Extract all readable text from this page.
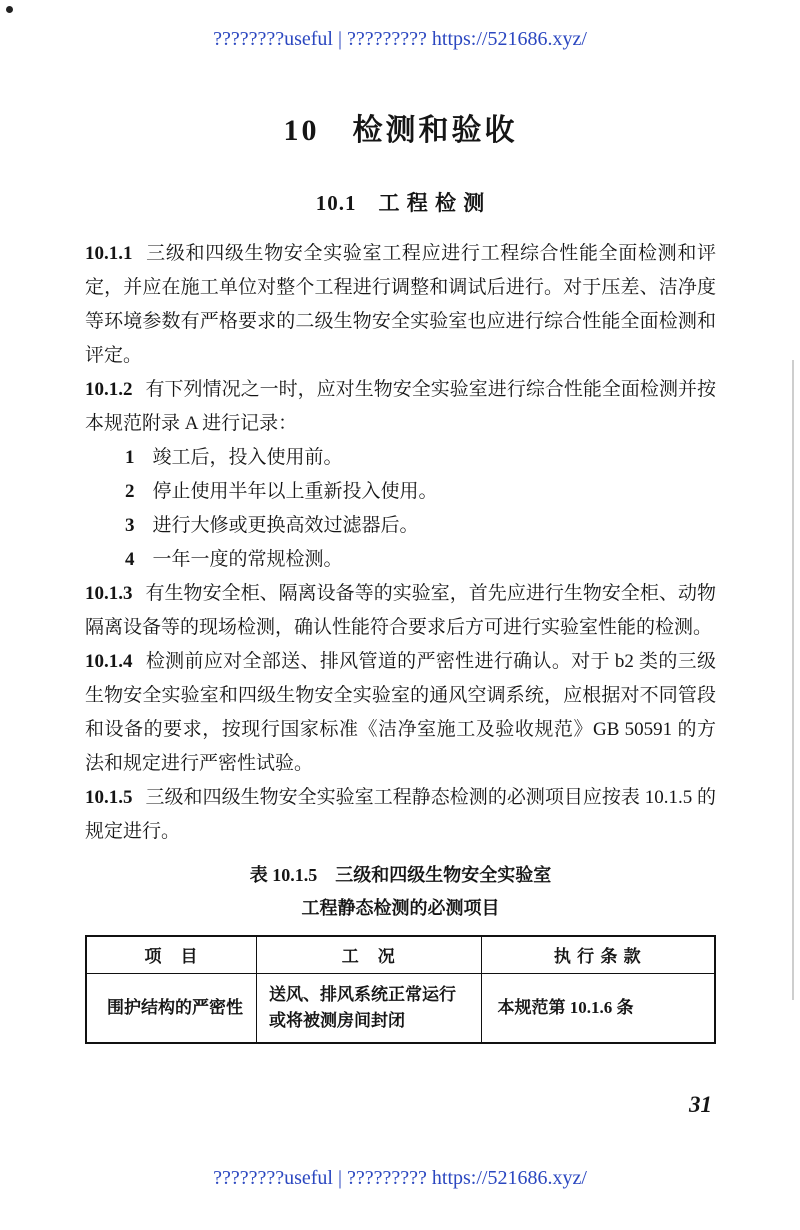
????????useful | ????????? https://521686.xyz/
10　检测和验收
10.1　工 程 检 测

10.1.1 三级和四级生物安全实验室工程应进行工程综合性能全面检测和评定，并应在施工单位对整个工程进行调整和调试后进行。对于压差、洁净度等环境参数有严格要求的二级生物安全实验室也应进行综合性能全面检测和评定。

10.1.2 有下列情况之一时，应对生物安全实验室进行综合性能全面检测并按本规范附录 A 进行记录：

1 竣工后，投入使用前。

2 停止使用半年以上重新投入使用。

3 进行大修或更换高效过滤器后。

4 一年一度的常规检测。

10.1.3 有生物安全柜、隔离设备等的实验室，首先应进行生物安全柜、动物隔离设备等的现场检测，确认性能符合要求后方可进行实验室性能的检测。

10.1.4 检测前应对全部送、排风管道的严密性进行确认。对于 b2 类的三级生物安全实验室和四级生物安全实验室的通风空调系统，应根据对不同管段和设备的要求，按现行国家标准《洁净室施工及验收规范》GB 50591 的方法和规定进行严密性试验。

10.1.5 三级和四级生物安全实验室工程静态检测的必测项目应按表 10.1.5 的规定进行。

表 10.1.5　三级和四级生物安全实验室
工程静态检测的必测项目
项　目	工　况	执 行 条 款
围护结构的严密性	送风、排风系统正常运行或将被测房间封闭	本规范第 10.1.6 条
31
????????useful | ????????? https://521686.xyz/
